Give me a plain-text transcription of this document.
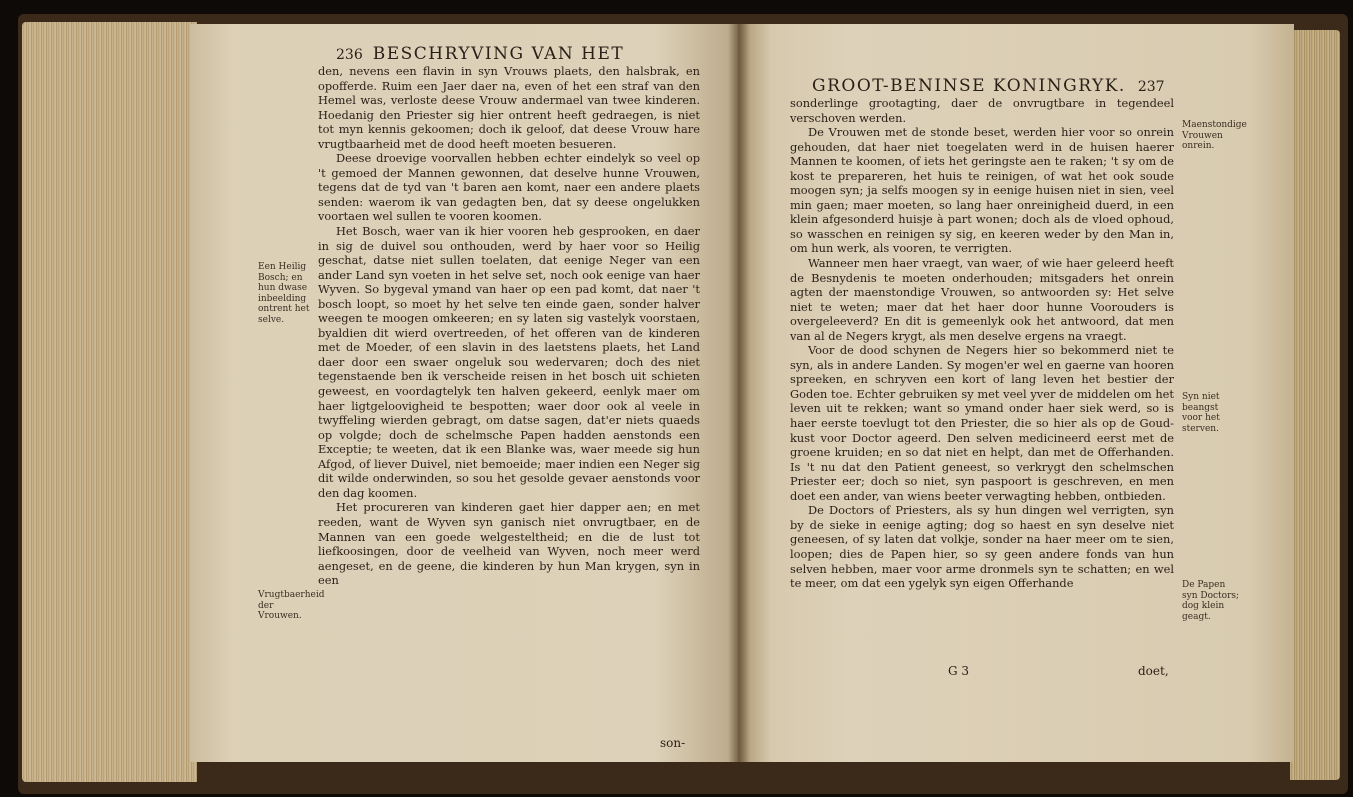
236 BESCHRYVING VAN HET

den, nevens een flavin in syn Vrouws plaets, den halsbrak, en opofferde. Ruim een Jaer daer na, even of het een straf van den Hemel was, verloste deese Vrouw andermael van twee kinderen. Hoedanig den Priester sig hier ontrent heeft gedraegen, is niet tot myn kennis gekoomen; doch ik geloof, dat deese Vrouw hare vrugtbaarheid met de dood heeft moeten besueren.

Deese droevige voorvallen hebben echter eindelyk so veel op 't gemoed der Mannen gewonnen, dat deselve hunne Vrouwen, tegens dat de tyd van 't baren aen komt, naer een andere plaets senden: waerom ik van gedagten ben, dat sy deese ongelukken voortaen wel sullen te vooren koomen.

Het Bosch, waer van ik hier vooren heb gesprooken, en daer in sig de duivel sou onthouden, werd by haer voor so Heilig geschat, datse niet sullen toelaten, dat eenige Neger van een ander Land syn voeten in het selve set, noch ook eenige van haer Wyven. So bygeval ymand van haer op een pad komt, dat naer 't bosch loopt, so moet hy het selve ten einde gaen, sonder halver weegen te moogen omkeeren; en sy laten sig vastelyk voorstaen, byaldien dit wierd overtreeden, of het offeren van de kinderen met de Moeder, of een slavin in des laetstens plaets, het Land daer door een swaer ongeluk sou wedervaren; doch des niet tegenstaende ben ik verscheide reisen in het bosch uit schieten geweest, en voordagtelyk ten halven gekeerd, eenlyk maer om haer ligtgeloovigheid te bespotten; waer door ook al veele in twyffeling wierden gebragt, om datse sagen, dat'er niets quaeds op volgde; doch de schelmsche Papen hadden aenstonds een Exceptie; te weeten, dat ik een Blanke was, waer meede sig hun Afgod, of liever Duivel, niet bemoeide; maer indien een Neger sig dit wilde onderwinden, so sou het gesolde gevaer aenstonds voor den dag koomen.

Het procureren van kinderen gaet hier dapper aen; en met reeden, want de Wyven syn ganisch niet onvrugtbaer, en de Mannen van een goede welgesteltheid; en die de lust tot liefkoosingen, door de veelheid van Wyven, noch meer werd aengeset, en de geene, die kinderen by hun Man krygen, syn in een

son-
Een Heilig Bosch; en hun dwase inbeelding ontrent het selve.
Vrugtbaerheid der Vrouwen.
GROOT-BENINSE KONINGRYK. 237

sonderlinge grootagting, daer de onvrugtbare in tegendeel verschoven werden.

De Vrouwen met de stonde beset, werden hier voor so onrein gehouden, dat haer niet toegelaten werd in de huisen haerer Mannen te koomen, of iets het geringste aen te raken; 't sy om de kost te prepareren, het huis te reinigen, of wat het ook soude moogen syn; ja selfs moogen sy in eenige huisen niet in sien, veel min gaen; maer moeten, so lang haer onreinigheid duerd, in een klein afgesonderd huisje à part wonen; doch als de vloed ophoud, so wasschen en reinigen sy sig, en keeren weder by den Man in, om hun werk, als vooren, te verrigten.

Wanneer men haer vraegt, van waer, of wie haer geleerd heeft de Besnydenis te moeten onderhouden; mitsgaders het onrein agten der maenstondige Vrouwen, so antwoorden sy: Het selve niet te weten; maer dat het haer door hunne Voorouders is overgeleeverd? En dit is gemeenlyk ook het antwoord, dat men van al de Negers krygt, als men deselve ergens na vraegt.

Voor de dood schynen de Negers hier so bekommerd niet te syn, als in andere Landen. Sy mogen'er wel en gaerne van hooren spreeken, en schryven een kort of lang leven het bestier der Goden toe. Echter gebruiken sy met veel yver de middelen om het leven uit te rekken; want so ymand onder haer siek werd, so is haer eerste toevlugt tot den Priester, die so hier als op de Goud-kust voor Doctor ageerd. Den selven medicineerd eerst met de groene kruiden; en so dat niet en helpt, dan met de Offerhanden. Is 't nu dat den Patient geneest, so verkrygt den schelmschen Priester eer; doch so niet, syn paspoort is geschreven, en men doet een ander, van wiens beeter verwagting hebben, ontbieden.

De Doctors of Priesters, als sy hun dingen wel verrigten, syn by de sieke in eenige agting; dog so haest en syn deselve niet geneesen, of sy laten dat volkje, sonder na haer meer om te sien, loopen; dies de Papen hier, so sy geen andere fonds van hun selven hebben, maer voor arme dronmels syn te schatten; en wel te meer, om dat een ygelyk syn eigen Offerhande

G 3	doet,
Maenstondige Vrouwen onrein.
Syn niet beangst voor het sterven.
De Papen syn Doctors; dog klein geagt.
